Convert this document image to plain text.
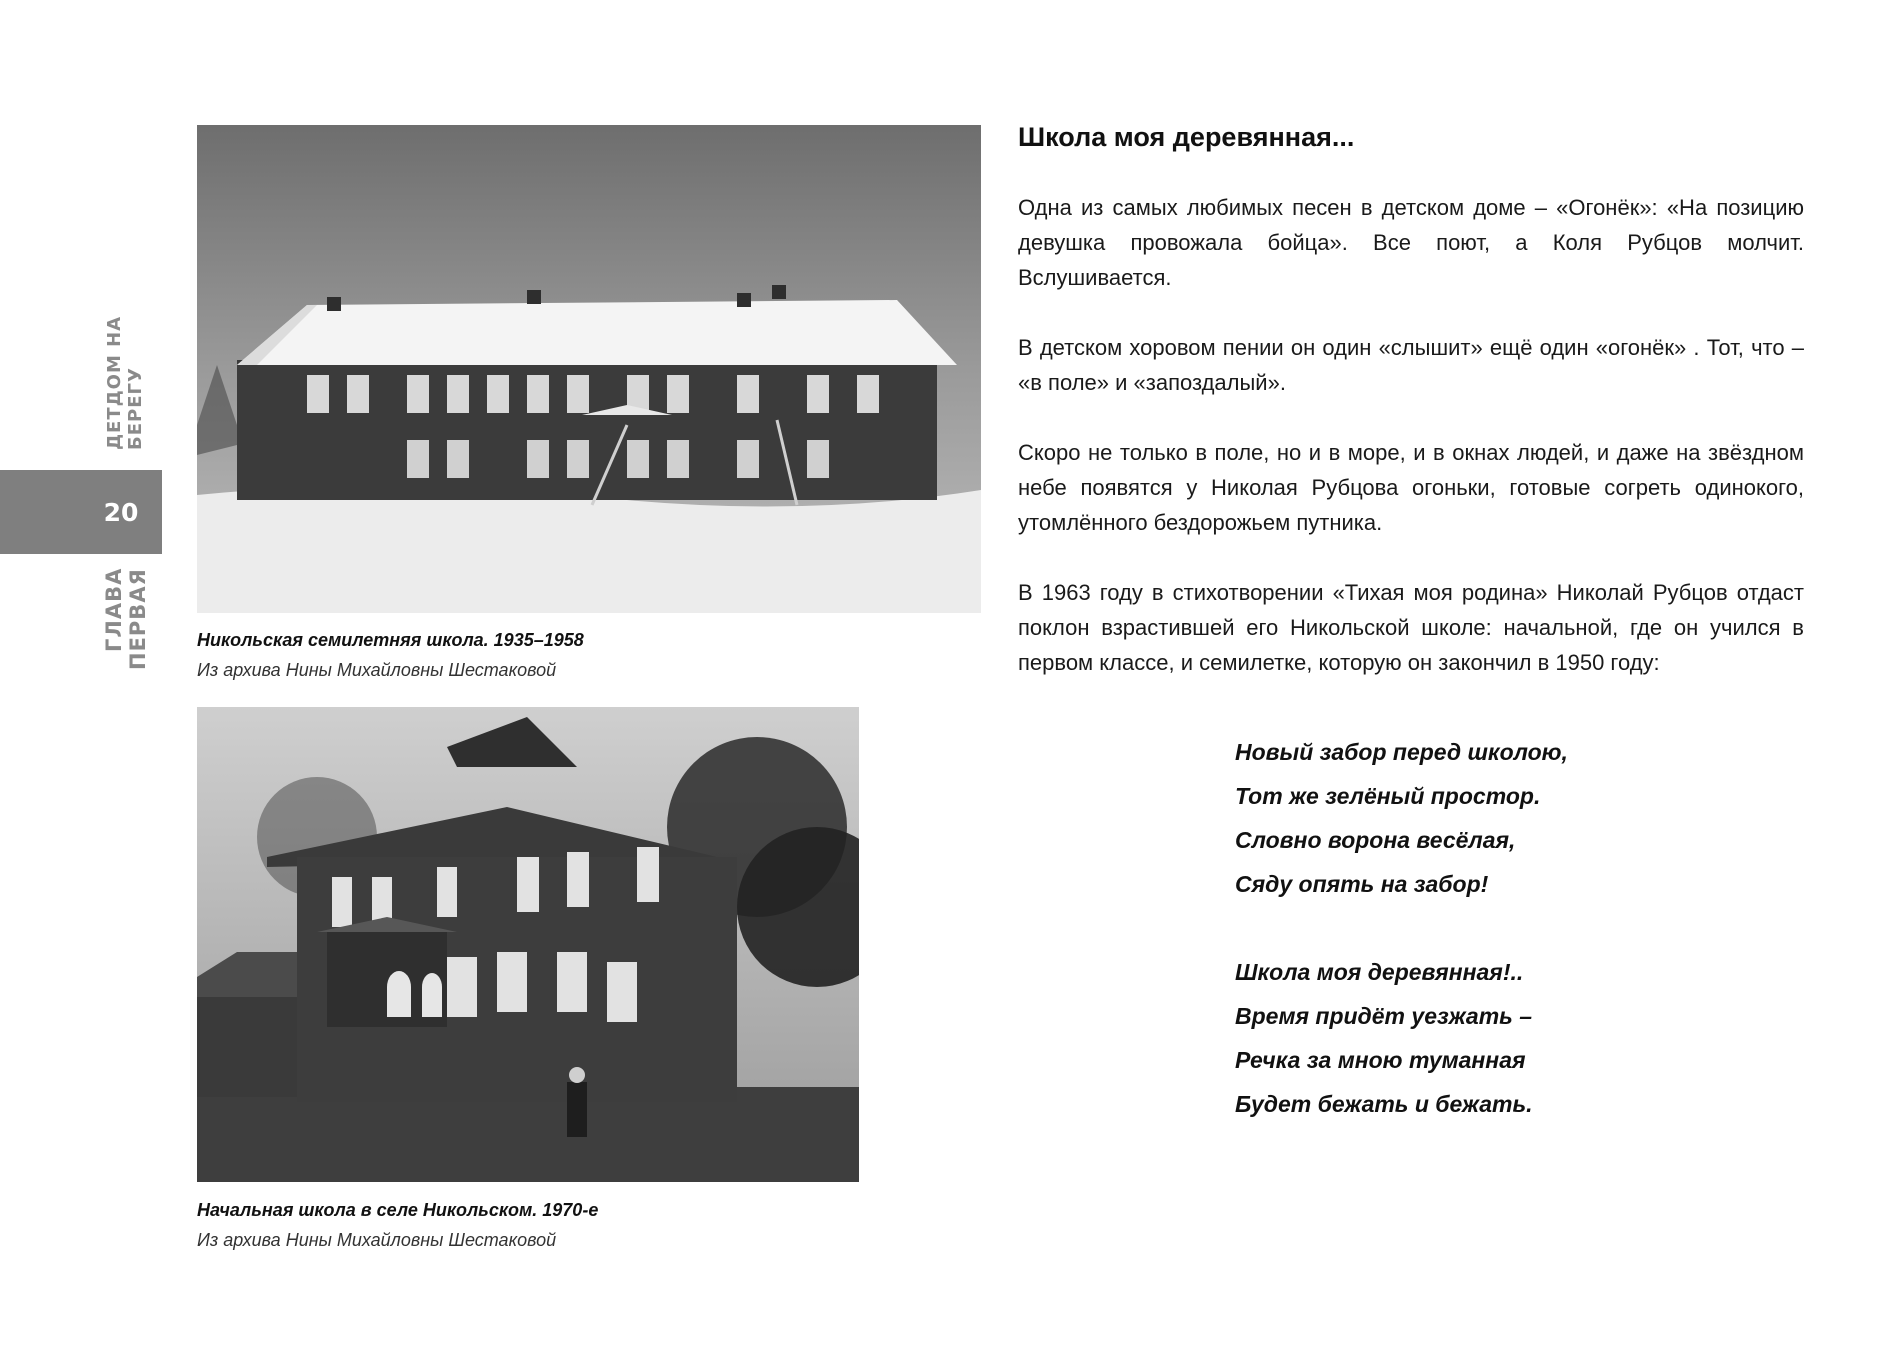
ДЕТДОМ НА БЕРЕГУ
20
ГЛАВА ПЕРВАЯ	Никольская семилетняя школа. 1935–1958
Из архива Нины Михайловны Шестаковой
Начальная школа в селе Никольском. 1970-е
Из архива Нины Михайловны Шестаковой
Школа моя деревянная...

Одна из самых любимых песен в детском доме – «Огонёк»: «На позицию девушка провожала бойца». Все поют, а Коля Рубцов молчит. Вслушивается.

В детском хоровом пении он один «слышит» ещё один «огонёк» . Тот, что – «в поле» и «запоздалый».

Скоро не только в поле, но и в море, и в окнах людей, и даже на звёздном небе появятся у Николая Рубцова огоньки, готовые согреть одинокого, утомлённого бездорожьем путника.

В 1963 году в стихотворении «Тихая моя родина» Николай Рубцов отдаст поклон взрастившей его Никольской школе: начальной, где он учился в первом классе, и семилетке, которую он закончил в 1950 году:

Новый забор перед школою,
Тот же зелёный простор.
Словно ворона весёлая,
Сяду опять на забор!
Школа моя деревянная!..
Время придёт уезжать –
Речка за мною туманная
Будет бежать и бежать.
